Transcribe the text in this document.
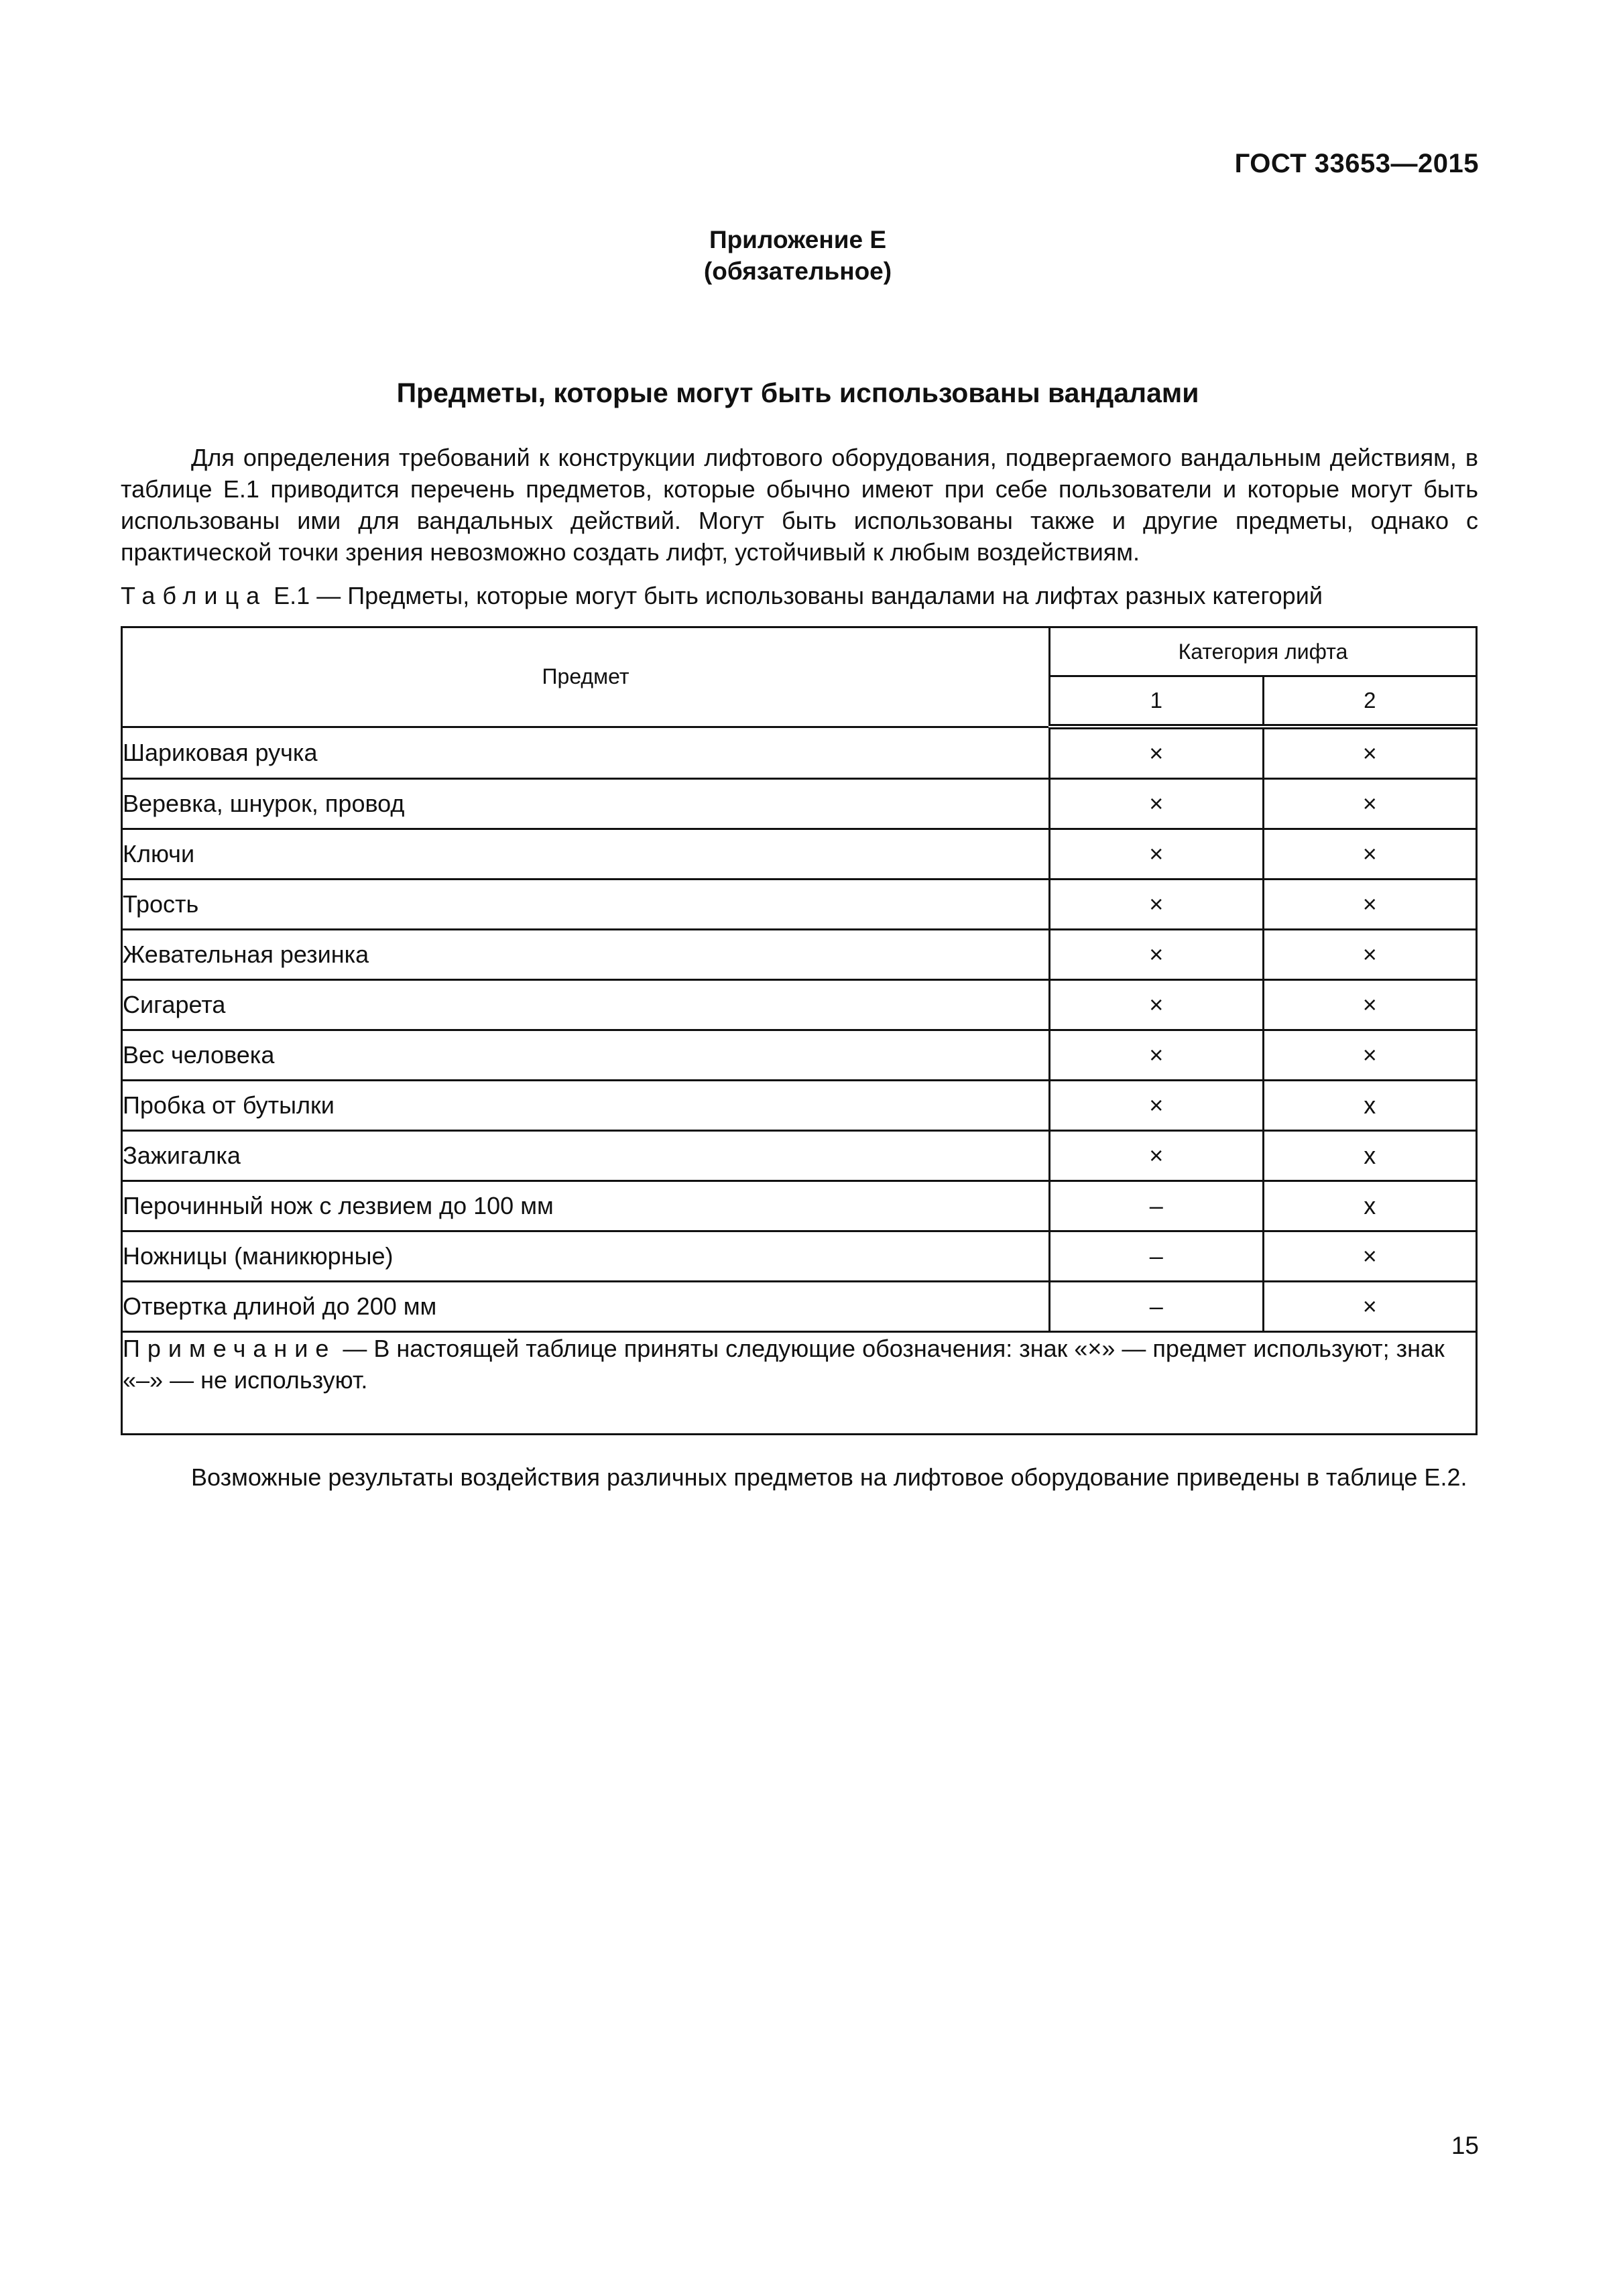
ГОСТ 33653—2015
Приложение Е
(обязательное)
Предметы, которые могут быть использованы вандалами
Для определения требований к конструкции лифтового оборудования, подвергаемого вандальным действиям, в таблице Е.1 приводится перечень предметов, которые обычно имеют при себе пользователи и которые могут быть использованы ими для вандальных действий. Могут быть использованы также и другие предметы, однако с практической точки зрения невозможно создать лифт, устойчивый к любым воздействиям.
Таблица Е.1 — Предметы, которые могут быть использованы вандалами на лифтах разных категорий
Предмет	Категория лифта	
	1	2
Шариковая ручка	×	×
Веревка, шнурок, провод	×	×
Ключи	×	×
Трость	×	×
Жевательная резинка	×	×
Сигарета	×	×
Вес человека	×	×
Пробка от бутылки	×	x
Зажигалка	×	x
Перочинный нож с лезвием до 100 мм	–	x
Ножницы (маникюрные)	–	×
Отвертка длиной до 200 мм	–	×
Примечание — В настоящей таблице приняты следующие обозначения: знак «×» — предмет используют; знак «–» — не используют.		
Возможные результаты воздействия различных предметов на лифтовое оборудование приведены в таблице Е.2.
15
